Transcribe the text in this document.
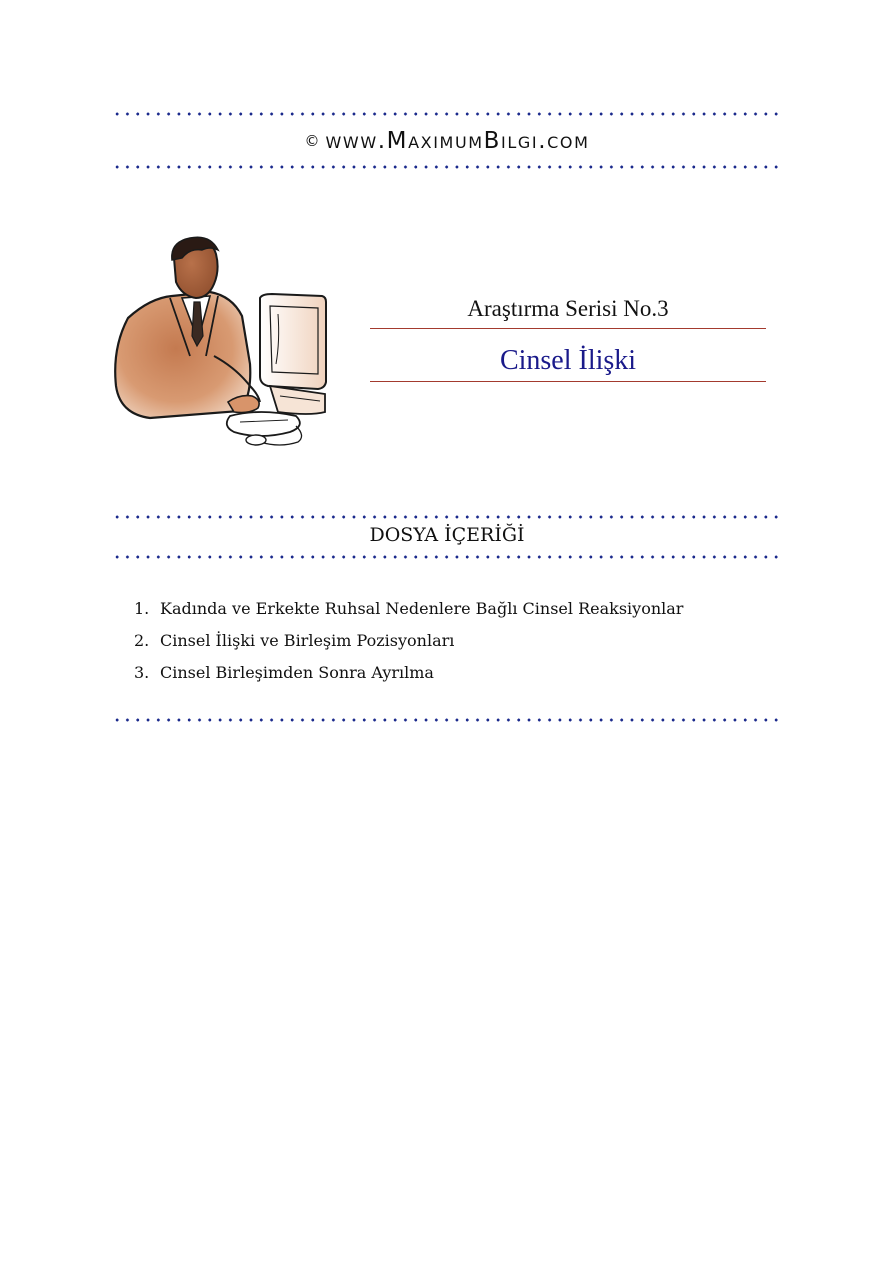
© www.MaximumBilgi.com
Araştırma Serisi No.3
Cinsel İlişki
DOSYA İÇERİĞİ
1. Kadında ve Erkekte Ruhsal Nedenlere Bağlı Cinsel Reaksiyonlar
2. Cinsel İlişki ve Birleşim Pozisyonları
3. Cinsel Birleşimden Sonra Ayrılma
